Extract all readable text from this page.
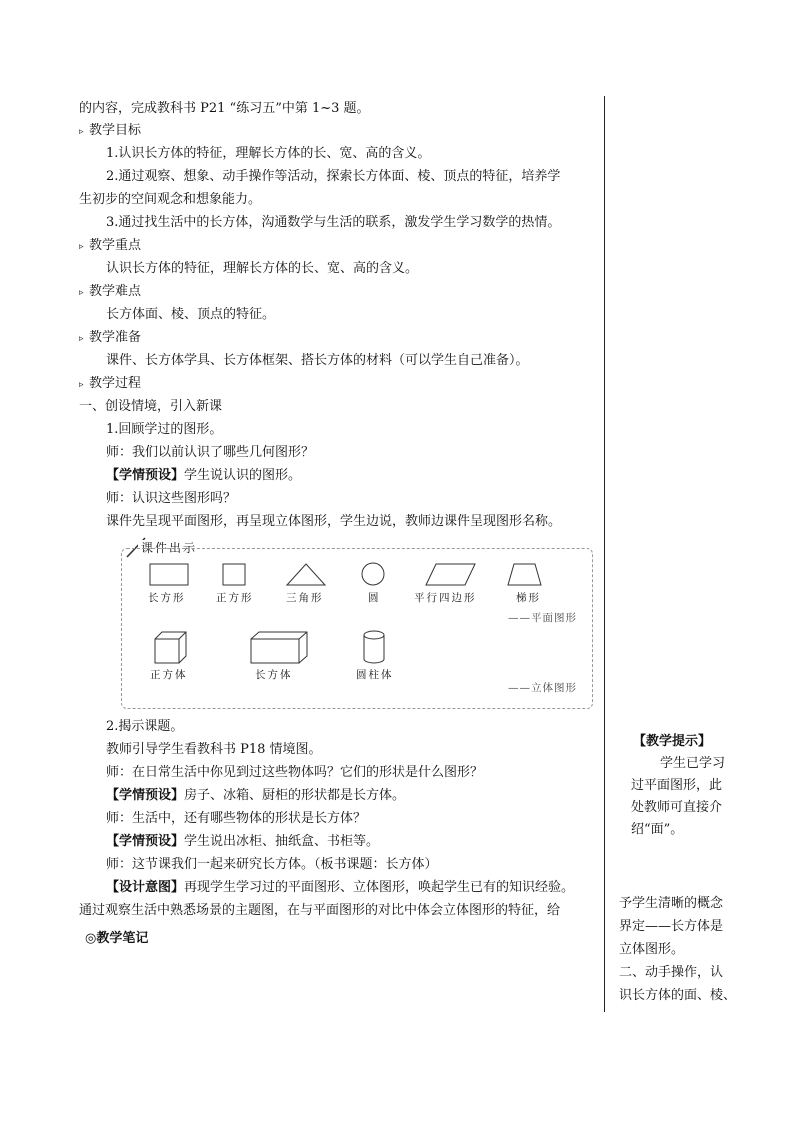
的内容，完成教科书 P21 “练习五”中第 1~3 题。
▹ 教学目标
1.认识长方体的特征，理解长方体的长、宽、高的含义。
2.通过观察、想象、动手操作等活动，探索长方体面、棱、顶点的特征，培养学
生初步的空间观念和想象能力。
3.通过找生活中的长方体，沟通数学与生活的联系，激发学生学习数学的热情。
▹ 教学重点
认识长方体的特征，理解长方体的长、宽、高的含义。
▹ 教学难点
长方体面、棱、顶点的特征。
▹ 教学准备
课件、长方体学具、长方体框架、搭长方体的材料（可以学生自己准备）。
▹ 教学过程
一、创设情境，引入新课
1.回顾学过的图形。
师：我们以前认识了哪些几何图形？
【学情预设】学生说认识的图形。
师：认识这些图形吗？
课件先呈现平面图形，再呈现立体图形，学生边说，教师边课件呈现图形名称。
2.揭示课题。
教师引导学生看教科书 P18 情境图。
师：在日常生活中你见到过这些物体吗？它们的形状是什么图形？
【学情预设】房子、冰箱、厨柜的形状都是长方体。
师：生活中，还有哪些物体的形状是长方体？
【学情预设】学生说出冰柜、抽纸盒、书柜等。
师：这节课我们一起来研究长方体。（板书课题：长方体）
【设计意图】再现学生学习过的平面图形、立体图形，唤起学生已有的知识经验。
通过观察生活中熟悉场景的主题图，在与平面图形的对比中体会立体图形的特征，给
◎教学笔记
课件出示
长方形	正方形	三角形	圆	平行四边形	梯形
——平面图形
正方体	长方体	圆柱体
——立体图形
【教学提示】
学生已学习
过平面图形，此
处教师可直接介
绍“面”。
予学生清晰的概念
界定——长方体是
立体图形。
二、动手操作，认
识长方体的面、棱、
